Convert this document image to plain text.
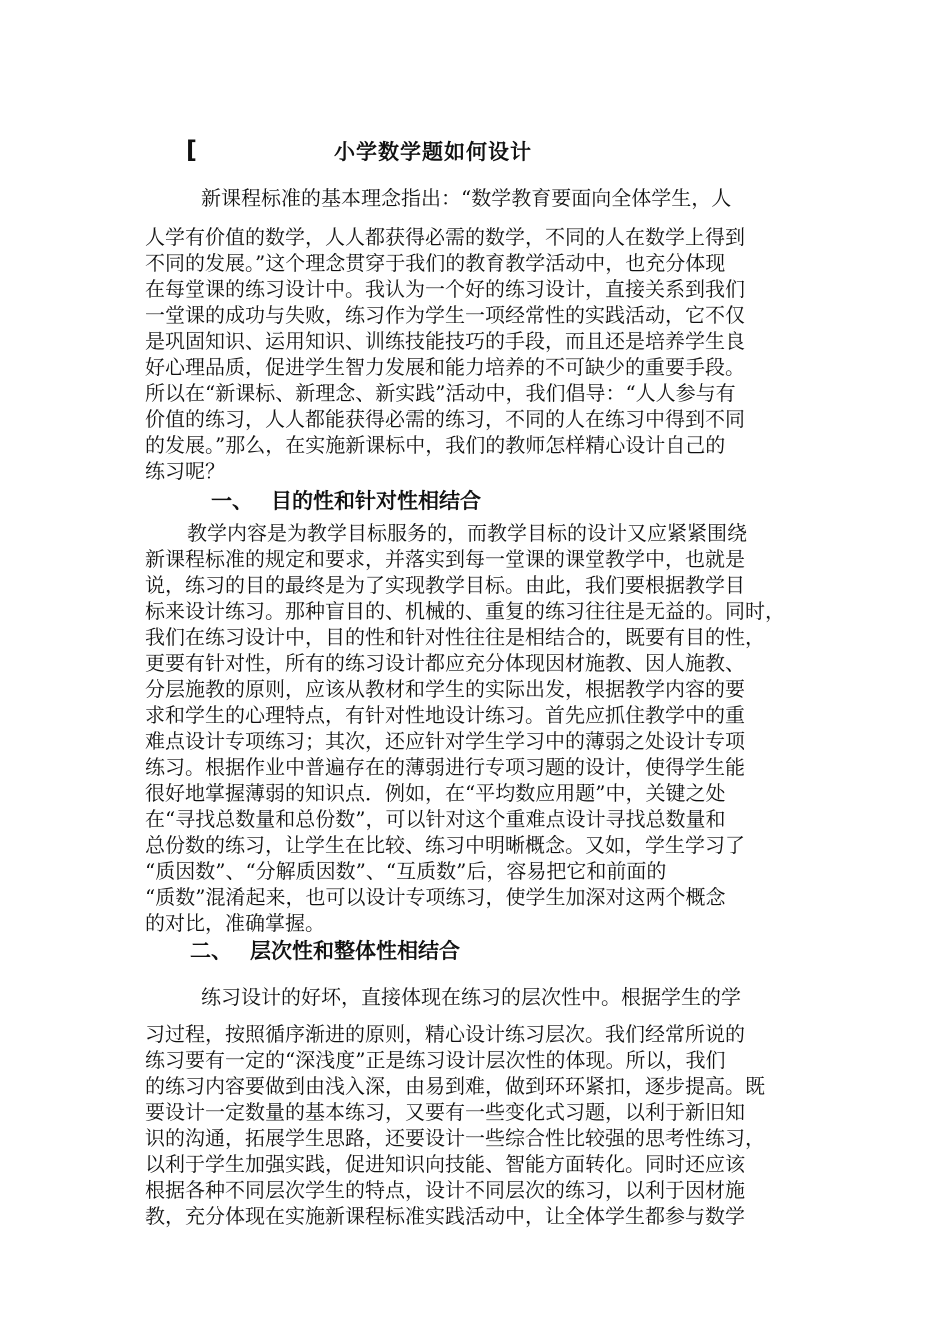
[	小学数学题如何设计
新课程标准的基本理念指出：“数学教育要面向全体学生，人
人学有价值的数学，人人都获得必需的数学，不同的人在数学上得到
不同的发展。”这个理念贯穿于我们的教育教学活动中，也充分体现
在每堂课的练习设计中。我认为一个好的练习设计，直接关系到我们
一堂课的成功与失败，练习作为学生一项经常性的实践活动，它不仅
是巩固知识、运用知识、训练技能技巧的手段，而且还是培养学生良
好心理品质，促进学生智力发展和能力培养的不可缺少的重要手段。
所以在“新课标、新理念、新实践”活动中，我们倡导：“人人参与有
价值的练习，人人都能获得必需的练习，不同的人在练习中得到不同
的发展。”那么，在实施新课标中，我们的教师怎样精心设计自己的
练习呢？
一、 目的性和针对性相结合
教学内容是为教学目标服务的，而教学目标的设计又应紧紧围绕
新课程标准的规定和要求，并落实到每一堂课的课堂教学中，也就是
说，练习的目的最终是为了实现教学目标。由此，我们要根据教学目
标来设计练习。那种盲目的、机械的、重复的练习往往是无益的。同时，
我们在练习设计中，目的性和针对性往往是相结合的，既要有目的性，
更要有针对性，所有的练习设计都应充分体现因材施教、因人施教、
分层施教的原则，应该从教材和学生的实际出发，根据教学内容的要
求和学生的心理特点，有针对性地设计练习。首先应抓住教学中的重
难点设计专项练习；其次，还应针对学生学习中的薄弱之处设计专项
练习。根据作业中普遍存在的薄弱进行专项习题的设计，使得学生能
很好地掌握薄弱的知识点．例如，在“平均数应用题”中，关键之处
在“寻找总数量和总份数”，可以针对这个重难点设计寻找总数量和
总份数的练习，让学生在比较、练习中明晰概念。又如，学生学习了
“质因数”、“分解质因数”、“互质数”后，容易把它和前面的
“质数”混淆起来，也可以设计专项练习，使学生加深对这两个概念
的对比，准确掌握。
二、 层次性和整体性相结合
练习设计的好坏，直接体现在练习的层次性中。根据学生的学
习过程，按照循序渐进的原则，精心设计练习层次。我们经常所说的
练习要有一定的“深浅度”正是练习设计层次性的体现。所以，我们
的练习内容要做到由浅入深，由易到难，做到环环紧扣，逐步提高。既
要设计一定数量的基本练习，又要有一些变化式习题，以利于新旧知
识的沟通，拓展学生思路，还要设计一些综合性比较强的思考性练习，
以利于学生加强实践，促进知识向技能、智能方面转化。同时还应该
根据各种不同层次学生的特点，设计不同层次的练习，以利于因材施
教，充分体现在实施新课程标准实践活动中，让全体学生都参与数学
